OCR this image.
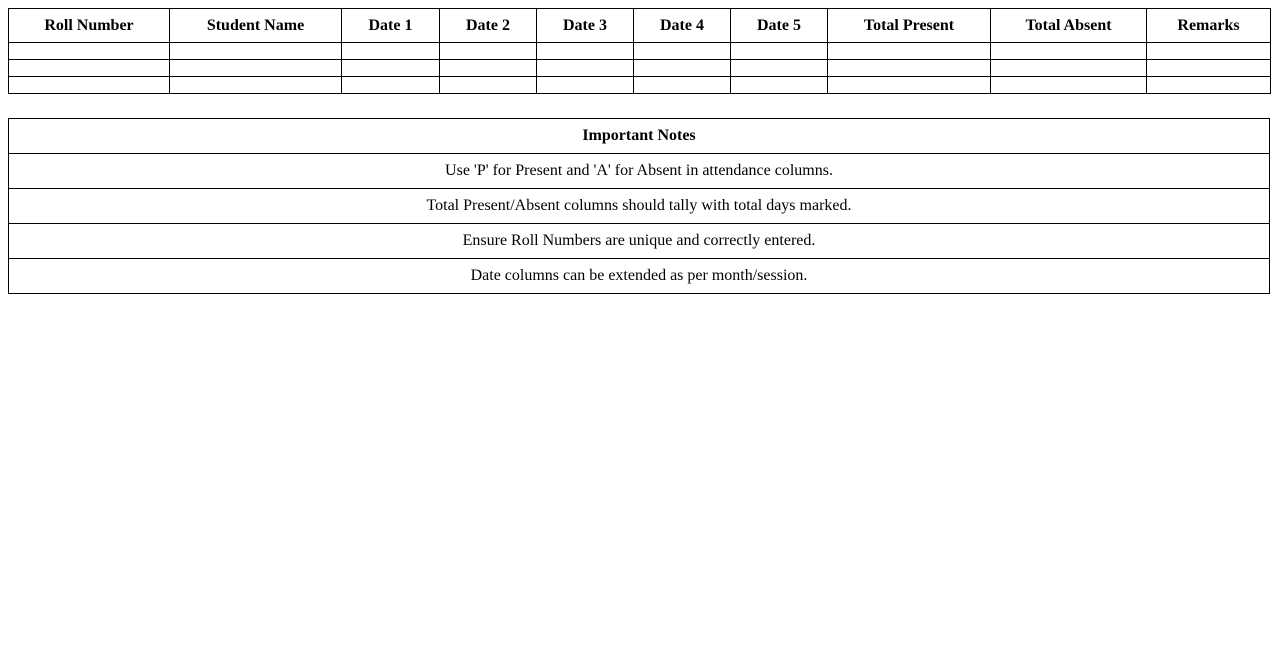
Roll Number	Student Name	Date 1	Date 2	Date 3	Date 4	Date 5	Total Present	Total Absent	Remarks

Important Notes
Use 'P' for Present and 'A' for Absent in attendance columns.
Total Present/Absent columns should tally with total days marked.
Ensure Roll Numbers are unique and correctly entered.
Date columns can be extended as per month/session.
